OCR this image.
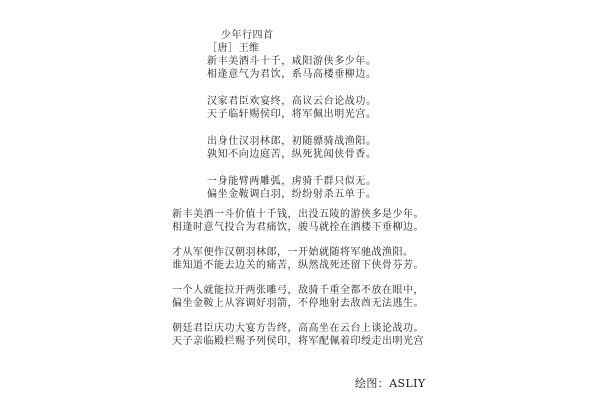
少年行四首
［唐］王维
新丰美酒斗十千，咸阳游侠多少年。
相逢意气为君饮，系马高楼垂柳边。
汉家君臣欢宴终，高议云台论战功。
天子临轩赐侯印，将军佩出明光宫。
出身仕汉羽林郎，初随骠骑战渔阳。
孰知不向边庭苦，纵死犹闻侠骨香。
一身能臂两雕弧，虏骑千群只似无。
偏坐金鞍调白羽，纷纷射杀五单于。
新丰美酒一斗价值十千钱，出没五陵的游侠多是少年。
相逢时意气投合为君痛饮，骏马就拴在酒楼下垂柳边。
才从军便作汉朝羽林郎，一开始就随将军驰战渔阳。
谁知道不能去边关的痛苦，纵然战死还留下侠骨芬芳。
一个人就能拉开两张雕弓，敌骑千重全都不放在眼中，
偏坐金鞍上从容调好羽箭，不停地射去敌酋无法逃生。
朝廷君臣庆功大宴方告终，高高坐在云台上谈论战功。
天子亲临殿栏赐予列侯印，将军配佩着印绶走出明光宫
绘图：ASLIY
